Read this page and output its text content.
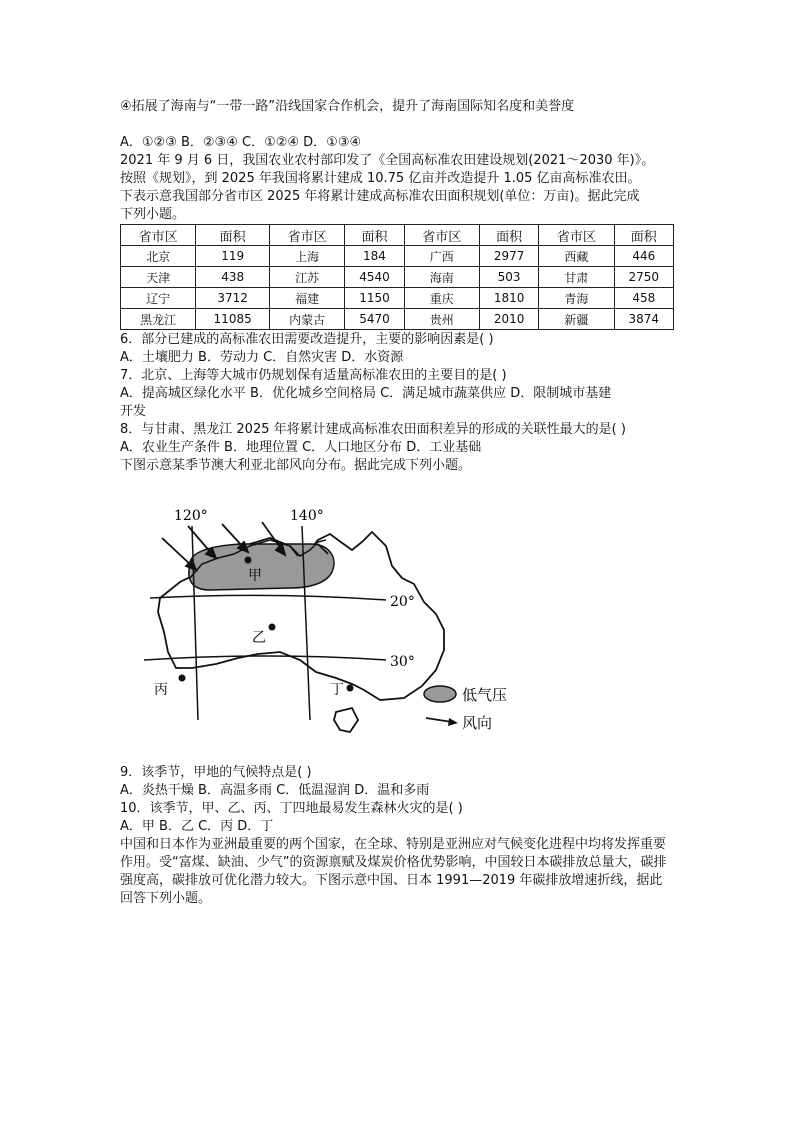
④拓展了海南与“一带一路”沿线国家合作机会，提升了海南国际知名度和美誉度
A．①②③ B．②③④ C．①②④ D．①③④
2021 年 9 月 6 日，我国农业农村部印发了《全国高标准农田建设规划(2021～2030 年)》。
按照《规划》，到 2025 年我国将累计建成 10.75 亿亩并改造提升 1.05 亿亩高标准农田。
下表示意我国部分省市区 2025 年将累计建成高标准农田面积规划(单位：万亩)。据此完成
下列小题。
省市区	面积	省市区	面积	省市区	面积	省市区	面积
北京	119	上海	184	广西	2977	西藏	446
天津	438	江苏	4540	海南	503	甘肃	2750
辽宁	3712	福建	1150	重庆	1810	青海	458
黑龙江	11085	内蒙古	5470	贵州	2010	新疆	3874
6．部分已建成的高标准农田需要改造提升，主要的影响因素是( )
A．土壤肥力 B．劳动力 C．自然灾害 D．水资源
7．北京、上海等大城市仍规划保有适量高标准农田的主要目的是( )
A．提高城区绿化水平 B．优化城乡空间格局 C．满足城市蔬菜供应 D．限制城市基建
开发
8．与甘肃、黑龙江 2025 年将累计建成高标准农田面积差异的形成的关联性最大的是( )
A．农业生产条件 B．地理位置 C．人口地区分布 D．工业基础
下图示意某季节澳大利亚北部风向分布。据此完成下列小题。
120°	140°
20°
30°
甲
乙
丙	丁	低气压
风向
9．该季节，甲地的气候特点是( )
A．炎热干燥 B．高温多雨 C．低温湿润 D．温和多雨
10．该季节，甲、乙、丙、丁四地最易发生森林火灾的是( )
A．甲 B．乙 C．丙 D．丁
中国和日本作为亚洲最重要的两个国家，在全球、特别是亚洲应对气候变化进程中均将发挥重要作用。受“富煤、缺油、少气”的资源禀赋及煤炭价格优势影响，中国较日本碳排放总量大，碳排强度高，碳排放可优化潜力较大。下图示意中国、日本 1991—2019 年碳排放增速折线，据此回答下列小题。
